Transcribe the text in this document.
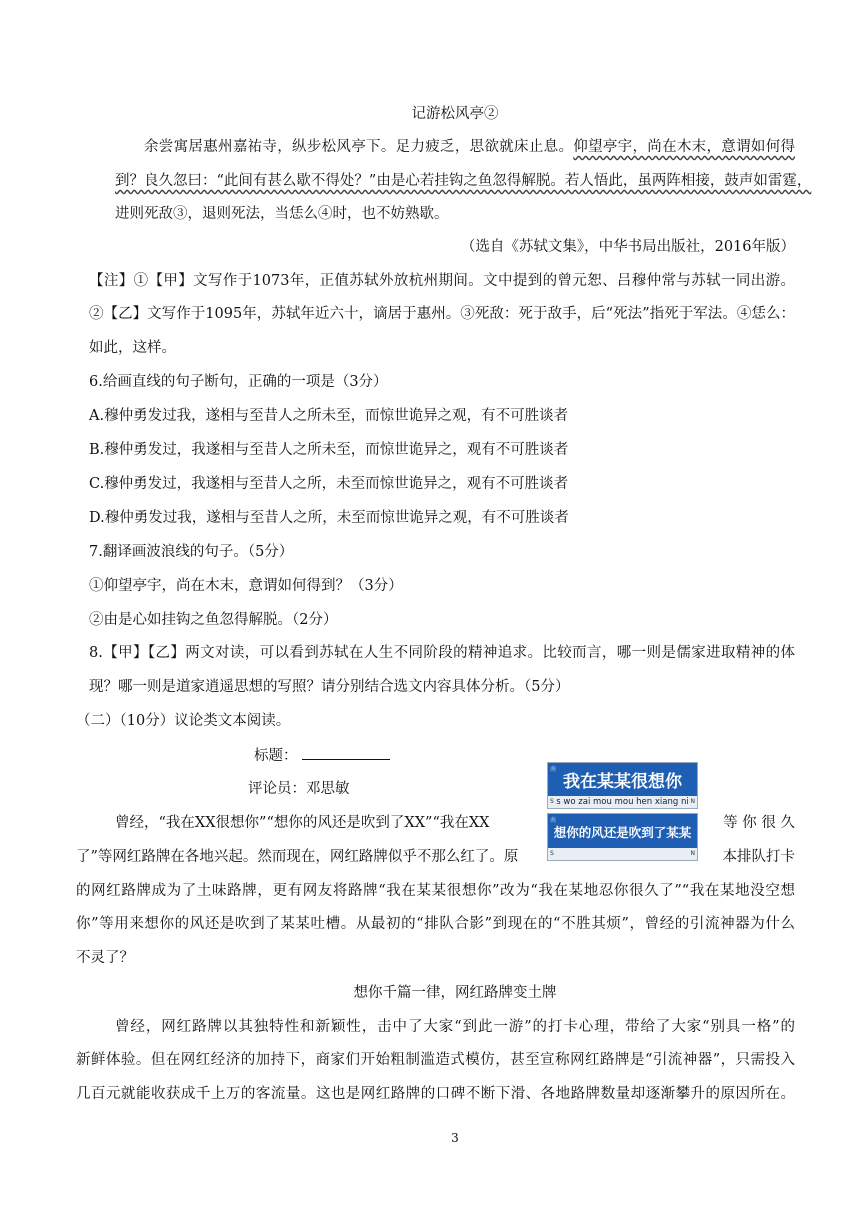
记游松风亭②
余尝寓居惠州嘉祐寺，纵步松风亭下。足力疲乏，思欲就床止息。仰望亭宇，尚在木末，意谓如何得
到？良久忽曰：“此间有甚么歇不得处？”由是心若挂钩之鱼忽得解脱。若人悟此，虽两阵相接，鼓声如雷霆，
进则死敌③，退则死法，当恁么④时，也不妨熟歇。
（选自《苏轼文集》，中华书局出版社，2016年版）
【注】①【甲】文写作于1073年，正值苏轼外放杭州期间。文中提到的曾元恕、吕穆仲常与苏轼一同出游。
②【乙】文写作于1095年，苏轼年近六十，谪居于惠州。③死敌：死于敌手，后“死法”指死于军法。④恁么：
如此，这样。
6.给画直线的句子断句，正确的一项是（3分）
A.穆仲勇发过我，遂相与至昔人之所未至，而惊世诡异之观，有不可胜谈者
B.穆仲勇发过，我遂相与至昔人之所未至，而惊世诡异之，观有不可胜谈者
C.穆仲勇发过，我遂相与至昔人之所，未至而惊世诡异之，观有不可胜谈者
D.穆仲勇发过我，遂相与至昔人之所，未至而惊世诡异之观，有不可胜谈者
7.翻译画波浪线的句子。（5分）
①仰望亭宇，尚在木末，意谓如何得到？（3分）
②由是心如挂钩之鱼忽得解脱。（2分）
8.【甲】【乙】两文对读，可以看到苏轼在人生不同阶段的精神追求。比较而言，哪一则是儒家进取精神的体
现？哪一则是道家逍遥思想的写照？请分别结合选文内容具体分析。（5分）
（二）（10分）议论类文本阅读。
标题：
评论员：邓思敏
南
我在某某很想你
s wo zai mou mou hen xiang ni
S	N
南
想你的风还是吹到了某某
S	N
曾经，“我在XX很想你”“想你的风还是吹到了XX”“我在XX	等 你 很 久
了”等网红路牌在各地兴起。然而现在，网红路牌似乎不那么红了。原	本排队打卡
的网红路牌成为了土味路牌，更有网友将路牌“我在某某很想你”改为“我在某地忍你很久了”“我在某地没空想
你”等用来想你的风还是吹到了某某吐槽。从最初的“排队合影”到现在的“不胜其烦”，曾经的引流神器为什么
不灵了？
想你千篇一律，网红路牌变土牌
曾经，网红路牌以其独特性和新颖性，击中了大家“到此一游”的打卡心理，带给了大家“别具一格”的
新鲜体验。但在网红经济的加持下，商家们开始粗制滥造式模仿，甚至宣称网红路牌是“引流神器”，只需投入
几百元就能收获成千上万的客流量。这也是网红路牌的口碑不断下滑、各地路牌数量却逐渐攀升的原因所在。
3
